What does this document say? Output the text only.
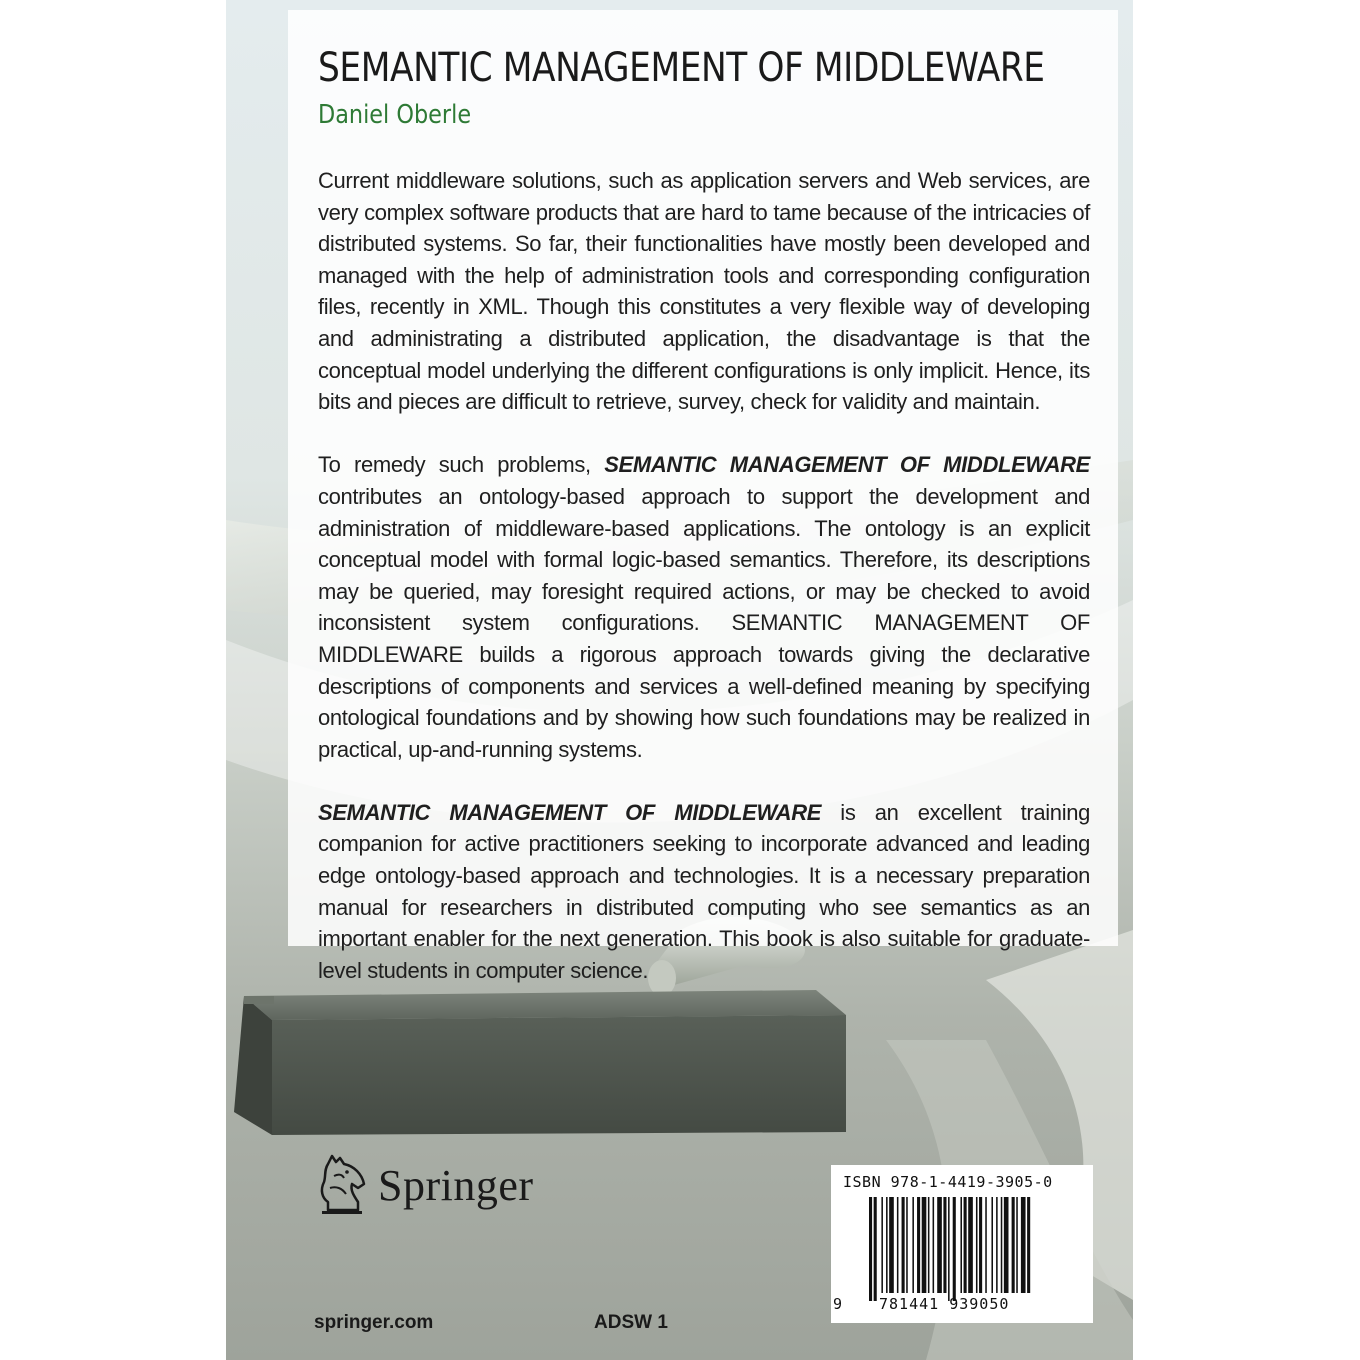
SEMANTIC MANAGEMENT OF MIDDLEWARE
Daniel Oberle

Current middleware solutions, such as application servers and Web services, are very complex software products that are hard to tame because of the intricacies of distributed systems. So far, their functionalities have mostly been developed and managed with the help of administration tools and corresponding configuration files, recently in XML. Though this constitutes a very flexible way of developing and administrating a distributed application, the disadvantage is that the conceptual model underlying the different configurations is only implicit. Hence, its bits and pieces are difficult to retrieve, survey, check for validity and maintain.

To remedy such problems, SEMANTIC MANAGEMENT OF MIDDLEWARE contributes an ontology-based approach to support the development and administration of middleware-based applications. The ontology is an explicit conceptual model with formal logic-based semantics. Therefore, its descriptions may be queried, may foresight required actions, or may be checked to avoid inconsistent system configurations. SEMANTIC MANAGEMENT OF MIDDLEWARE builds a rigorous approach towards giving the declarative descriptions of components and services a well-defined meaning by specifying ontological foundations and by showing how such foundations may be realized in practical, up-and-running systems.

SEMANTIC MANAGEMENT OF MIDDLEWARE is an excellent training companion for active practitioners seeking to incorporate advanced and leading edge ontology-based approach and technologies. It is a necessary preparation manual for researchers in distributed computing who see semantics as an important enabler for the next generation. This book is also suitable for graduate-level students in computer science.

Springer
springer.com	ADSW 1
ISBN 978-1-4419-3905-0
9 781441 939050
